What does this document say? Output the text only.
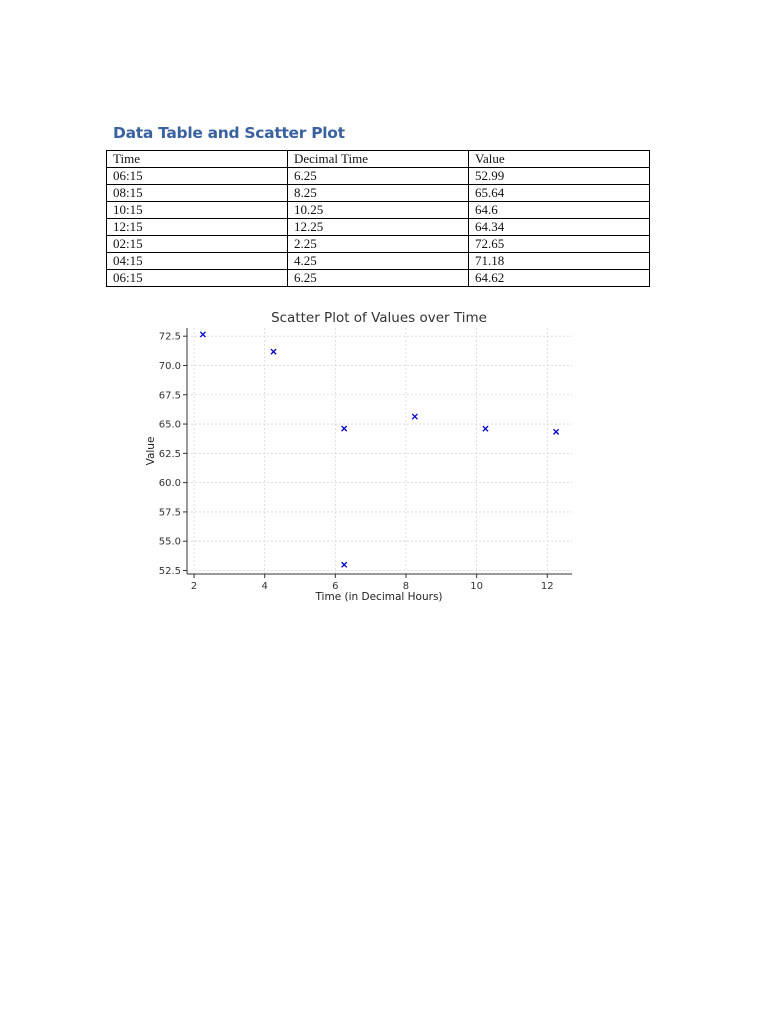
Data Table and Scatter Plot
Time	Decimal Time	Value
06:15	6.25	52.99
08:15	8.25	65.64
10:15	10.25	64.6
12:15	12.25	64.34
02:15	2.25	72.65
04:15	4.25	71.18
06:15	6.25	64.62
Scatter Plot of Values over Time
2	4	6	8	10	12
52.5
55.0
57.5
60.0
62.5
65.0
67.5
70.0
72.5
Time (in Decimal Hours)
Value
